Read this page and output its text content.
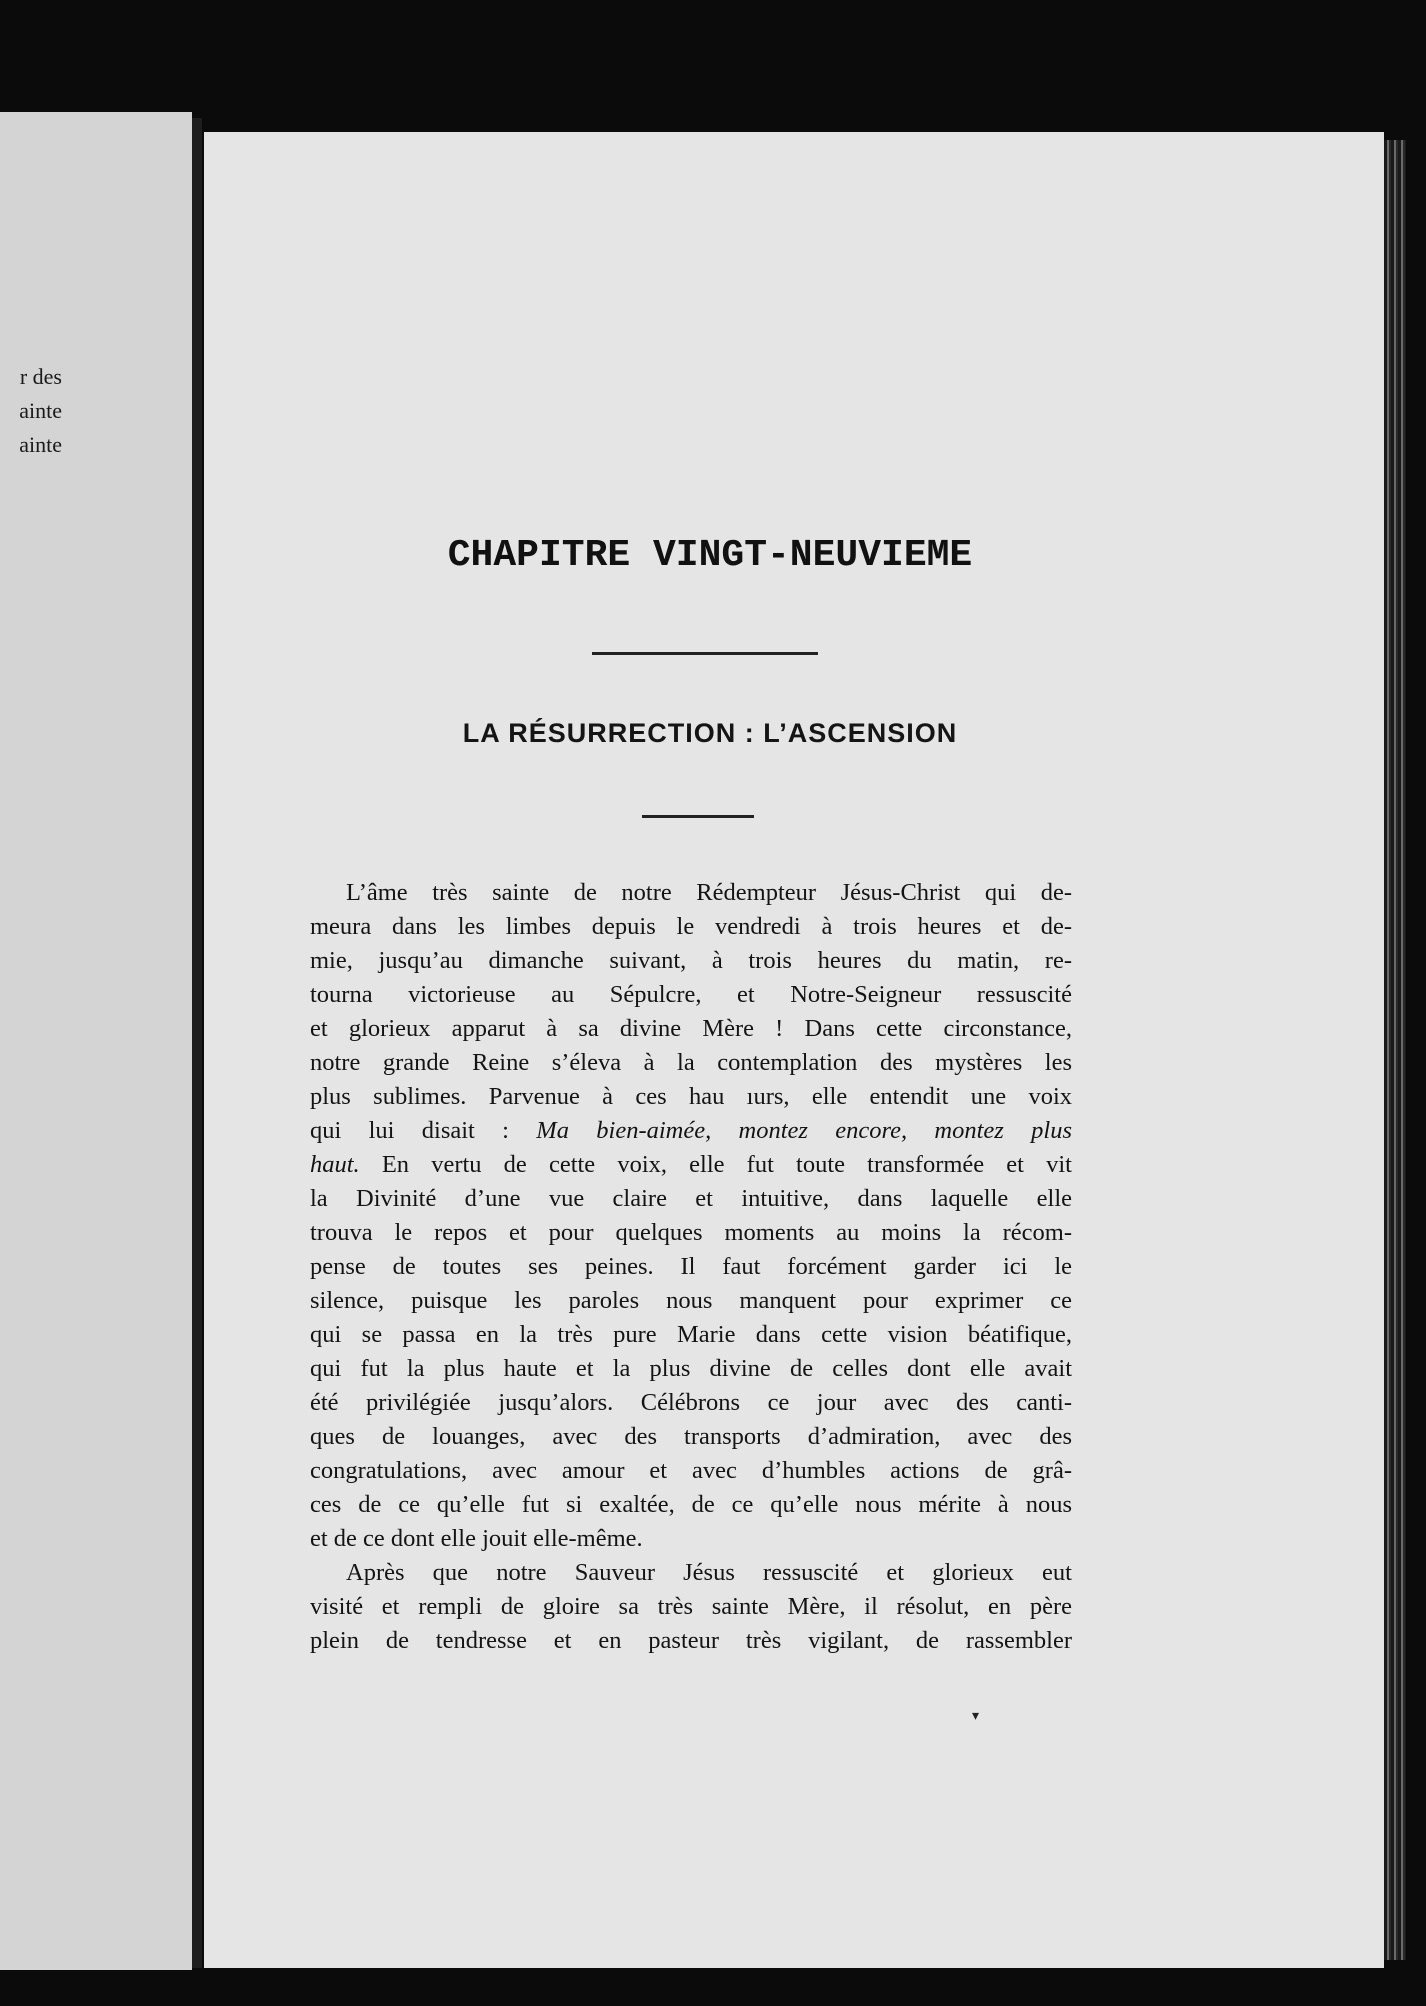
r des
ainte
ainte
CHAPITRE VINGT-NEUVIEME
LA RÉSURRECTION : L’ASCENSION
L’âme très sainte de notre Rédempteur Jésus-Christ qui de-
meura dans les limbes depuis le vendredi à trois heures et de-
mie, jusqu’au dimanche suivant, à trois heures du matin, re-
tourna victorieuse au Sépulcre, et Notre-Seigneur ressuscité
et glorieux apparut à sa divine Mère ! Dans cette circonstance,
notre grande Reine s’éleva à la contemplation des mystères les
plus sublimes. Parvenue à ces hau ıurs, elle entendit une voix
qui lui disait : Ma bien-aimée, montez encore, montez plus
haut. En vertu de cette voix, elle fut toute transformée et vit
la Divinité d’une vue claire et intuitive, dans laquelle elle
trouva le repos et pour quelques moments au moins la récom-
pense de toutes ses peines. Il faut forcément garder ici le
silence, puisque les paroles nous manquent pour exprimer ce
qui se passa en la très pure Marie dans cette vision béatifique,
qui fut la plus haute et la plus divine de celles dont elle avait
été privilégiée jusqu’alors. Célébrons ce jour avec des canti-
ques de louanges, avec des transports d’admiration, avec des
congratulations, avec amour et avec d’humbles actions de grâ-
ces de ce qu’elle fut si exaltée, de ce qu’elle nous mérite à nous
et de ce dont elle jouit elle-même.
Après que notre Sauveur Jésus ressuscité et glorieux eut
visité et rempli de gloire sa très sainte Mère, il résolut, en père
plein de tendresse et en pasteur très vigilant, de rassembler
▾
